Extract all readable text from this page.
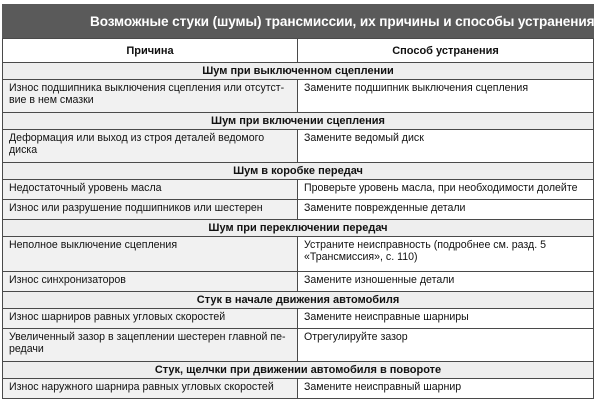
Возможные стуки (шумы) трансмиссии, их причины и способы устранения
Причина	Способ устранения
Шум при выключенном сцеплении	
Износ подшипника выключения сцепления или отсутст-вие в нем смазки	Замените подшипник выключения сцепления
Шум при включении сцепления	
Деформация или выход из строя деталей ведомого диска	Замените ведомый диск
Шум в коробке передач	
Недостаточный уровень масла	Проверьте уровень масла, при необходимости долейте
Износ или разрушение подшипников или шестерен	Замените поврежденные детали
Шум при переключении передач	
Неполное выключение сцепления	Устраните неисправность (подробнее см. разд. 5 «Трансмиссия», с. 110)
Износ синхронизаторов	Замените изношенные детали
Стук в начале движения автомобиля	
Износ шарниров равных угловых скоростей	Замените неисправные шарниры
Увеличенный зазор в зацеплении шестерен главной пе-редачи	Отрегулируйте зазор
Стук, щелчки при движении автомобиля в повороте	
Износ наружного шарнира равных угловых скоростей	Замените неисправный шарнир
